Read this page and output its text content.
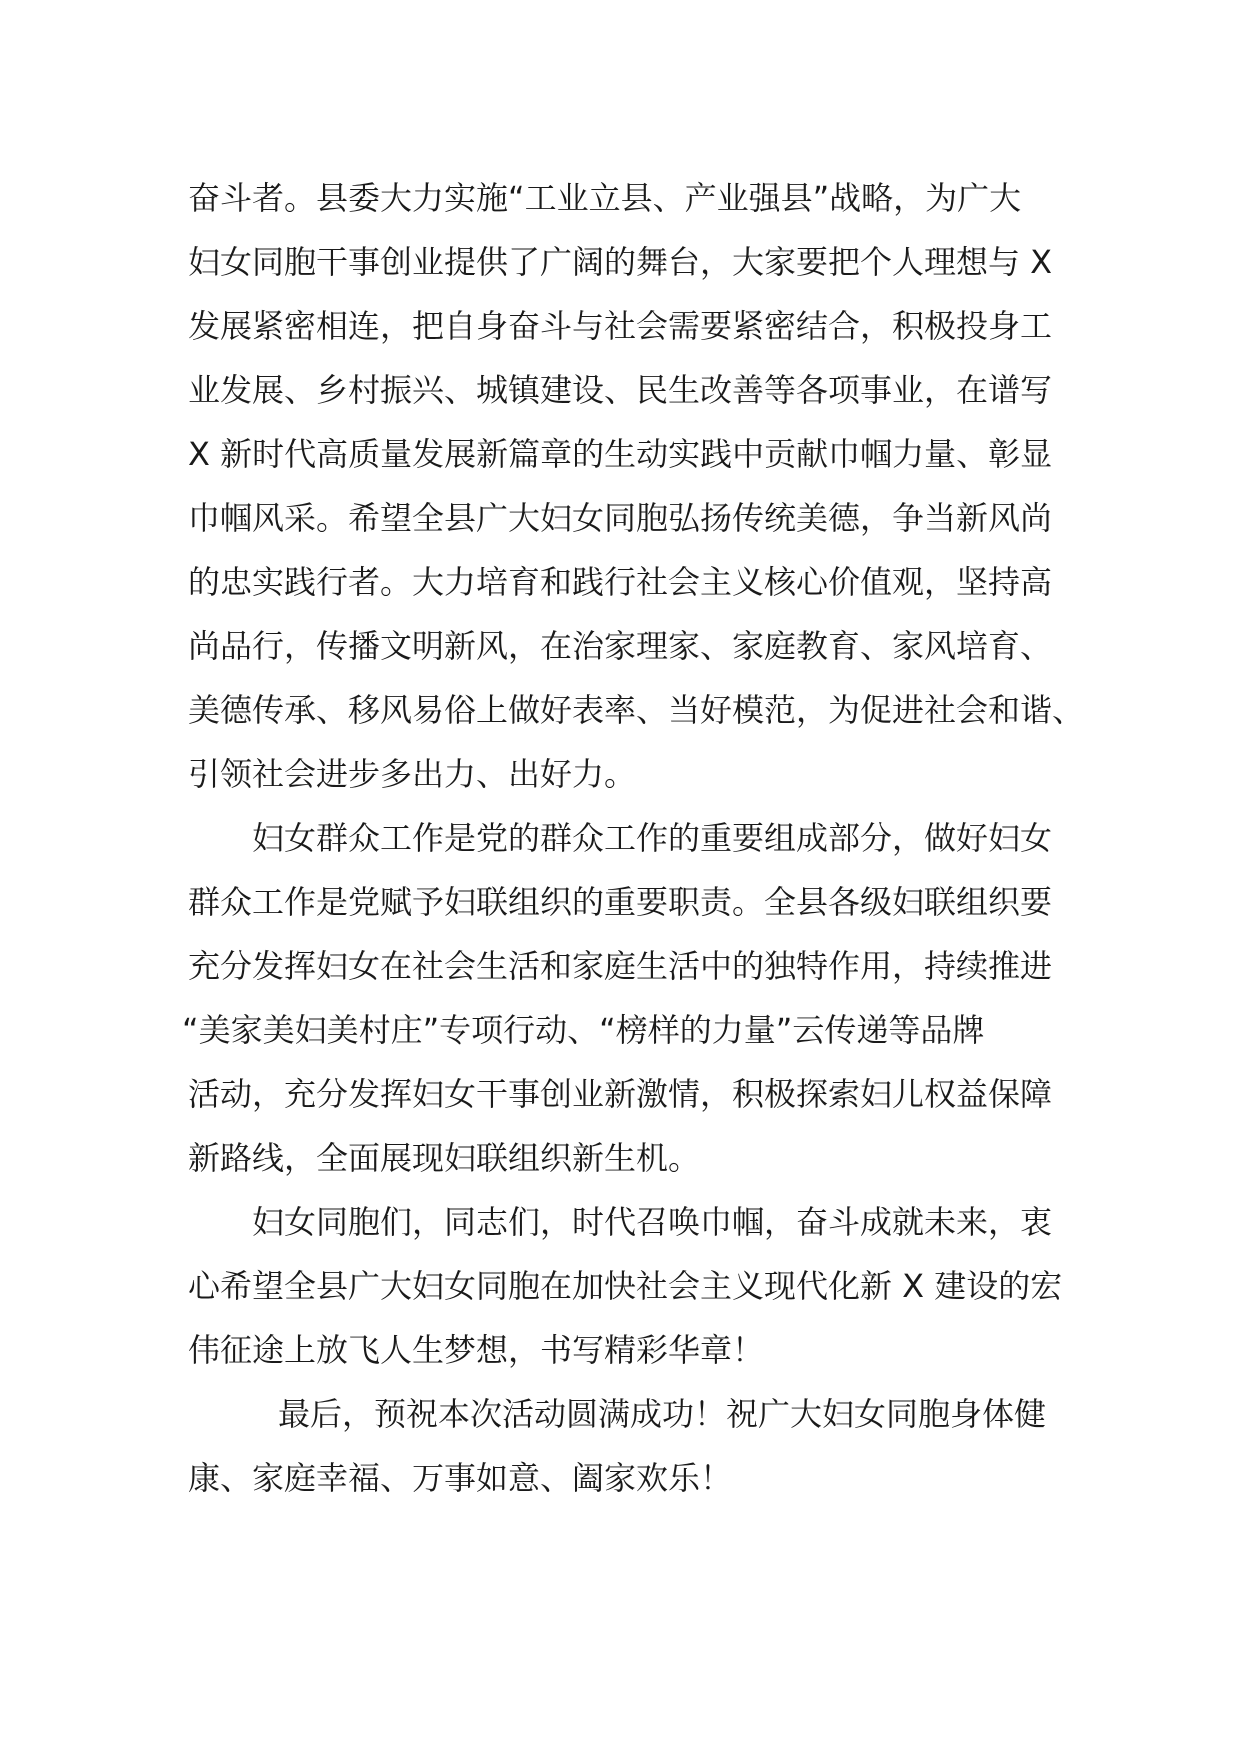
奋斗者。县委大力实施“工业立县、产业强县”战略，为广大
妇女同胞干事创业提供了广阔的舞台，大家要把个人理想与 X
发展紧密相连，把自身奋斗与社会需要紧密结合，积极投身工
业发展、乡村振兴、城镇建设、民生改善等各项事业，在谱写
X 新时代高质量发展新篇章的生动实践中贡献巾帼力量、彰显
巾帼风采。希望全县广大妇女同胞弘扬传统美德，争当新风尚
的忠实践行者。大力培育和践行社会主义核心价值观，坚持高
尚品行，传播文明新风，在治家理家、家庭教育、家风培育、
美德传承、移风易俗上做好表率、当好模范，为促进社会和谐、
引领社会进步多出力、出好力。
妇女群众工作是党的群众工作的重要组成部分，做好妇女
群众工作是党赋予妇联组织的重要职责。全县各级妇联组织要
充分发挥妇女在社会生活和家庭生活中的独特作用，持续推进
“美家美妇美村庄”专项行动、“榜样的力量”云传递等品牌
活动，充分发挥妇女干事创业新激情，积极探索妇儿权益保障
新路线，全面展现妇联组织新生机。
妇女同胞们，同志们，时代召唤巾帼，奋斗成就未来，衷
心希望全县广大妇女同胞在加快社会主义现代化新 X 建设的宏
伟征途上放飞人生梦想，书写精彩华章！
最后，预祝本次活动圆满成功！祝广大妇女同胞身体健
康、家庭幸福、万事如意、阖家欢乐！
